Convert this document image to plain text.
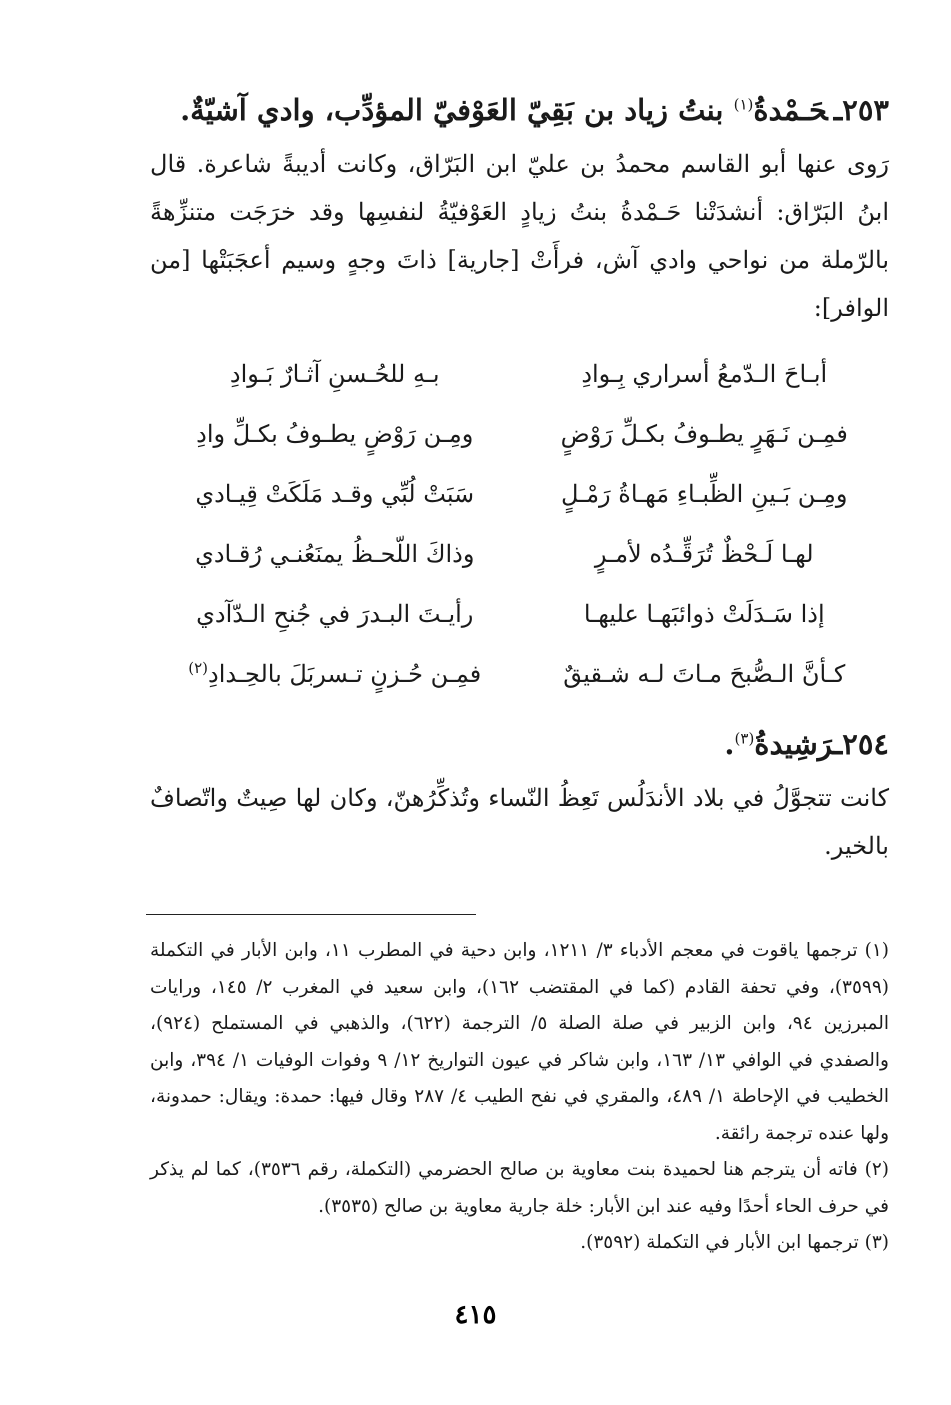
٢٥٣ـحَـمْدةُ$^{(١)}$ بنتُ زياد بن بَقِيّ العَوْفيّ المؤدِّب، وادي آشيّةٌ.

رَوى عنها أبو القاسم محمدُ بن عليّ ابن البَرّاق، وكانت أديبةً شاعرة. قال ابنُ البَرّاق: أنشدَتْنا حَـمْدةُ بنتُ زيادٍ العَوْفيّةُ لنفسِها وقد خرَجَت متنزِّهةً بالرّملة من نواحي وادي آش، فرأَتْ [جارية] ذاتَ وجهٍ وسيم أعجَبَتْها [من الوافر]:

أبـاحَ الـدّمعُ أسراري بِـوادِ
بـهِ للحُـسنِ آثـارٌ بَـوادِ
فمِـن نَـهَرٍ يطـوفُ بكـلِّ رَوْضٍ
ومِـن رَوْضٍ يطـوفُ بكـلِّ وادِ
ومِـن بَـينِ الظِّبـاءِ مَهـاةُ رَمْـلٍ
سَبَتْ لُبِّي وقـد مَلَكَتْ قِيـادي
لهـا لَـحْظٌ تُرَقِّـدُه لأمـرٍ
وذاكَ اللّحـظُ يمنَعُنـي رُقـادي
إذا سَـدَلَتْ ذوائبَهـا عليهـا
رأيـتَ البـدرَ في جُنحِ الـدّآدي
كـأنَّ الـصُّبحَ مـاتَ لـه شـقيقٌ
فمِـن حُـزنٍ تـسربَلَ بالحِـدادِ$^{(٢)}$
٢٥٤ـرَشِيدةُ$^{(٣)}$.

كانت تتجوَّلُ في بلاد الأندَلُس تَعِظُ النّساء وتُذكِّرُهنّ، وكان لها صِيتٌ واتّصافٌ بالخير.

(١) ترجمها ياقوت في معجم الأدباء ٣/ ١٢١١، وابن دحية في المطرب ١١، وابن الأبار في التكملة (٣٥٩٩)، وفي تحفة القادم (كما في المقتضب ١٦٢)، وابن سعيد في المغرب ٢/ ١٤٥، ورايات المبرزين ٩٤، وابن الزبير في صلة الصلة ٥/ الترجمة (٦٢٢)، والذهبي في المستملح (٩٢٤)، والصفدي في الوافي ١٣/ ١٦٣، وابن شاكر في عيون التواريخ ١٢/ ٩ وفوات الوفيات ١/ ٣٩٤، وابن الخطيب في الإحاطة ١/ ٤٨٩، والمقري في نفح الطيب ٤/ ٢٨٧ وقال فيها: حمدة: ويقال: حمدونة، ولها عنده ترجمة رائقة.

(٢) فاته أن يترجم هنا لحميدة بنت معاوية بن صالح الحضرمي (التكملة، رقم ٣٥٣٦)، كما لم يذكر في حرف الحاء أحدًا وفيه عند ابن الأبار: خلة جارية معاوية بن صالح (٣٥٣٥).

(٣) ترجمها ابن الأبار في التكملة (٣٥٩٢).

٤١٥
